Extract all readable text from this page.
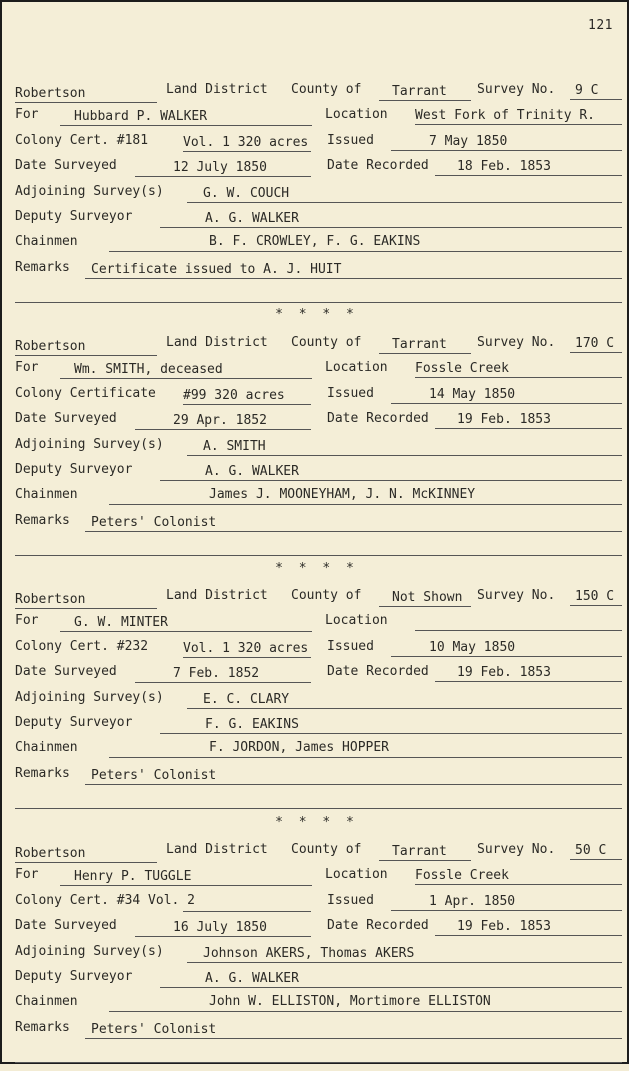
121
Robertson	Land District County of Tarrant Survey No. 9 C
For	Hubbard P. WALKER	Location West Fork of Trinity R.
Colony Cert. #181	Vol. 1 320 acres Issued	7 May 1850
Date Surveyed	12 July 1850	Date Recorded 18 Feb. 1853
Adjoining Survey(s)	G. W. COUCH
Deputy Surveyor	A. G. WALKER
Chainmen	B. F. CROWLEY, F. G. EAKINS
Remarks Certificate issued to A. J. HUIT
Robertson	Land District County of Tarrant Survey No. 170 C
For	Wm. SMITH, deceased	Location Fossle Creek
Colony Certificate #99 320 acres	Issued	14 May 1850
Date Surveyed	29 Apr. 1852	Date Recorded 19 Feb. 1853
Adjoining Survey(s)	A. SMITH
Deputy Surveyor	A. G. WALKER
Chainmen	James J. MOONEYHAM, J. N. McKINNEY
Remarks Peters' Colonist
Robertson	Land District County of Not Shown Survey No. 150 C
For	G. W. MINTER	Location
Colony Cert. #232	Vol. 1 320 acres Issued	10 May 1850
Date Surveyed	7 Feb. 1852	Date Recorded 19 Feb. 1853
Adjoining Survey(s)	E. C. CLARY
Deputy Surveyor	F. G. EAKINS
Chainmen	F. JORDON, James HOPPER
Remarks Peters' Colonist
Robertson	Land District County of Tarrant Survey No. 50 C
For	Henry P. TUGGLE	Location Fossle Creek
Colony Cert. #34 Vol. 2	Issued	1 Apr. 1850
Date Surveyed	16 July 1850	Date Recorded 19 Feb. 1853
Adjoining Survey(s)	Johnson AKERS, Thomas AKERS
Deputy Surveyor	A. G. WALKER
Chainmen	John W. ELLISTON, Mortimore ELLISTON
Remarks Peters' Colonist
* * * *
* * * *
* * * *
